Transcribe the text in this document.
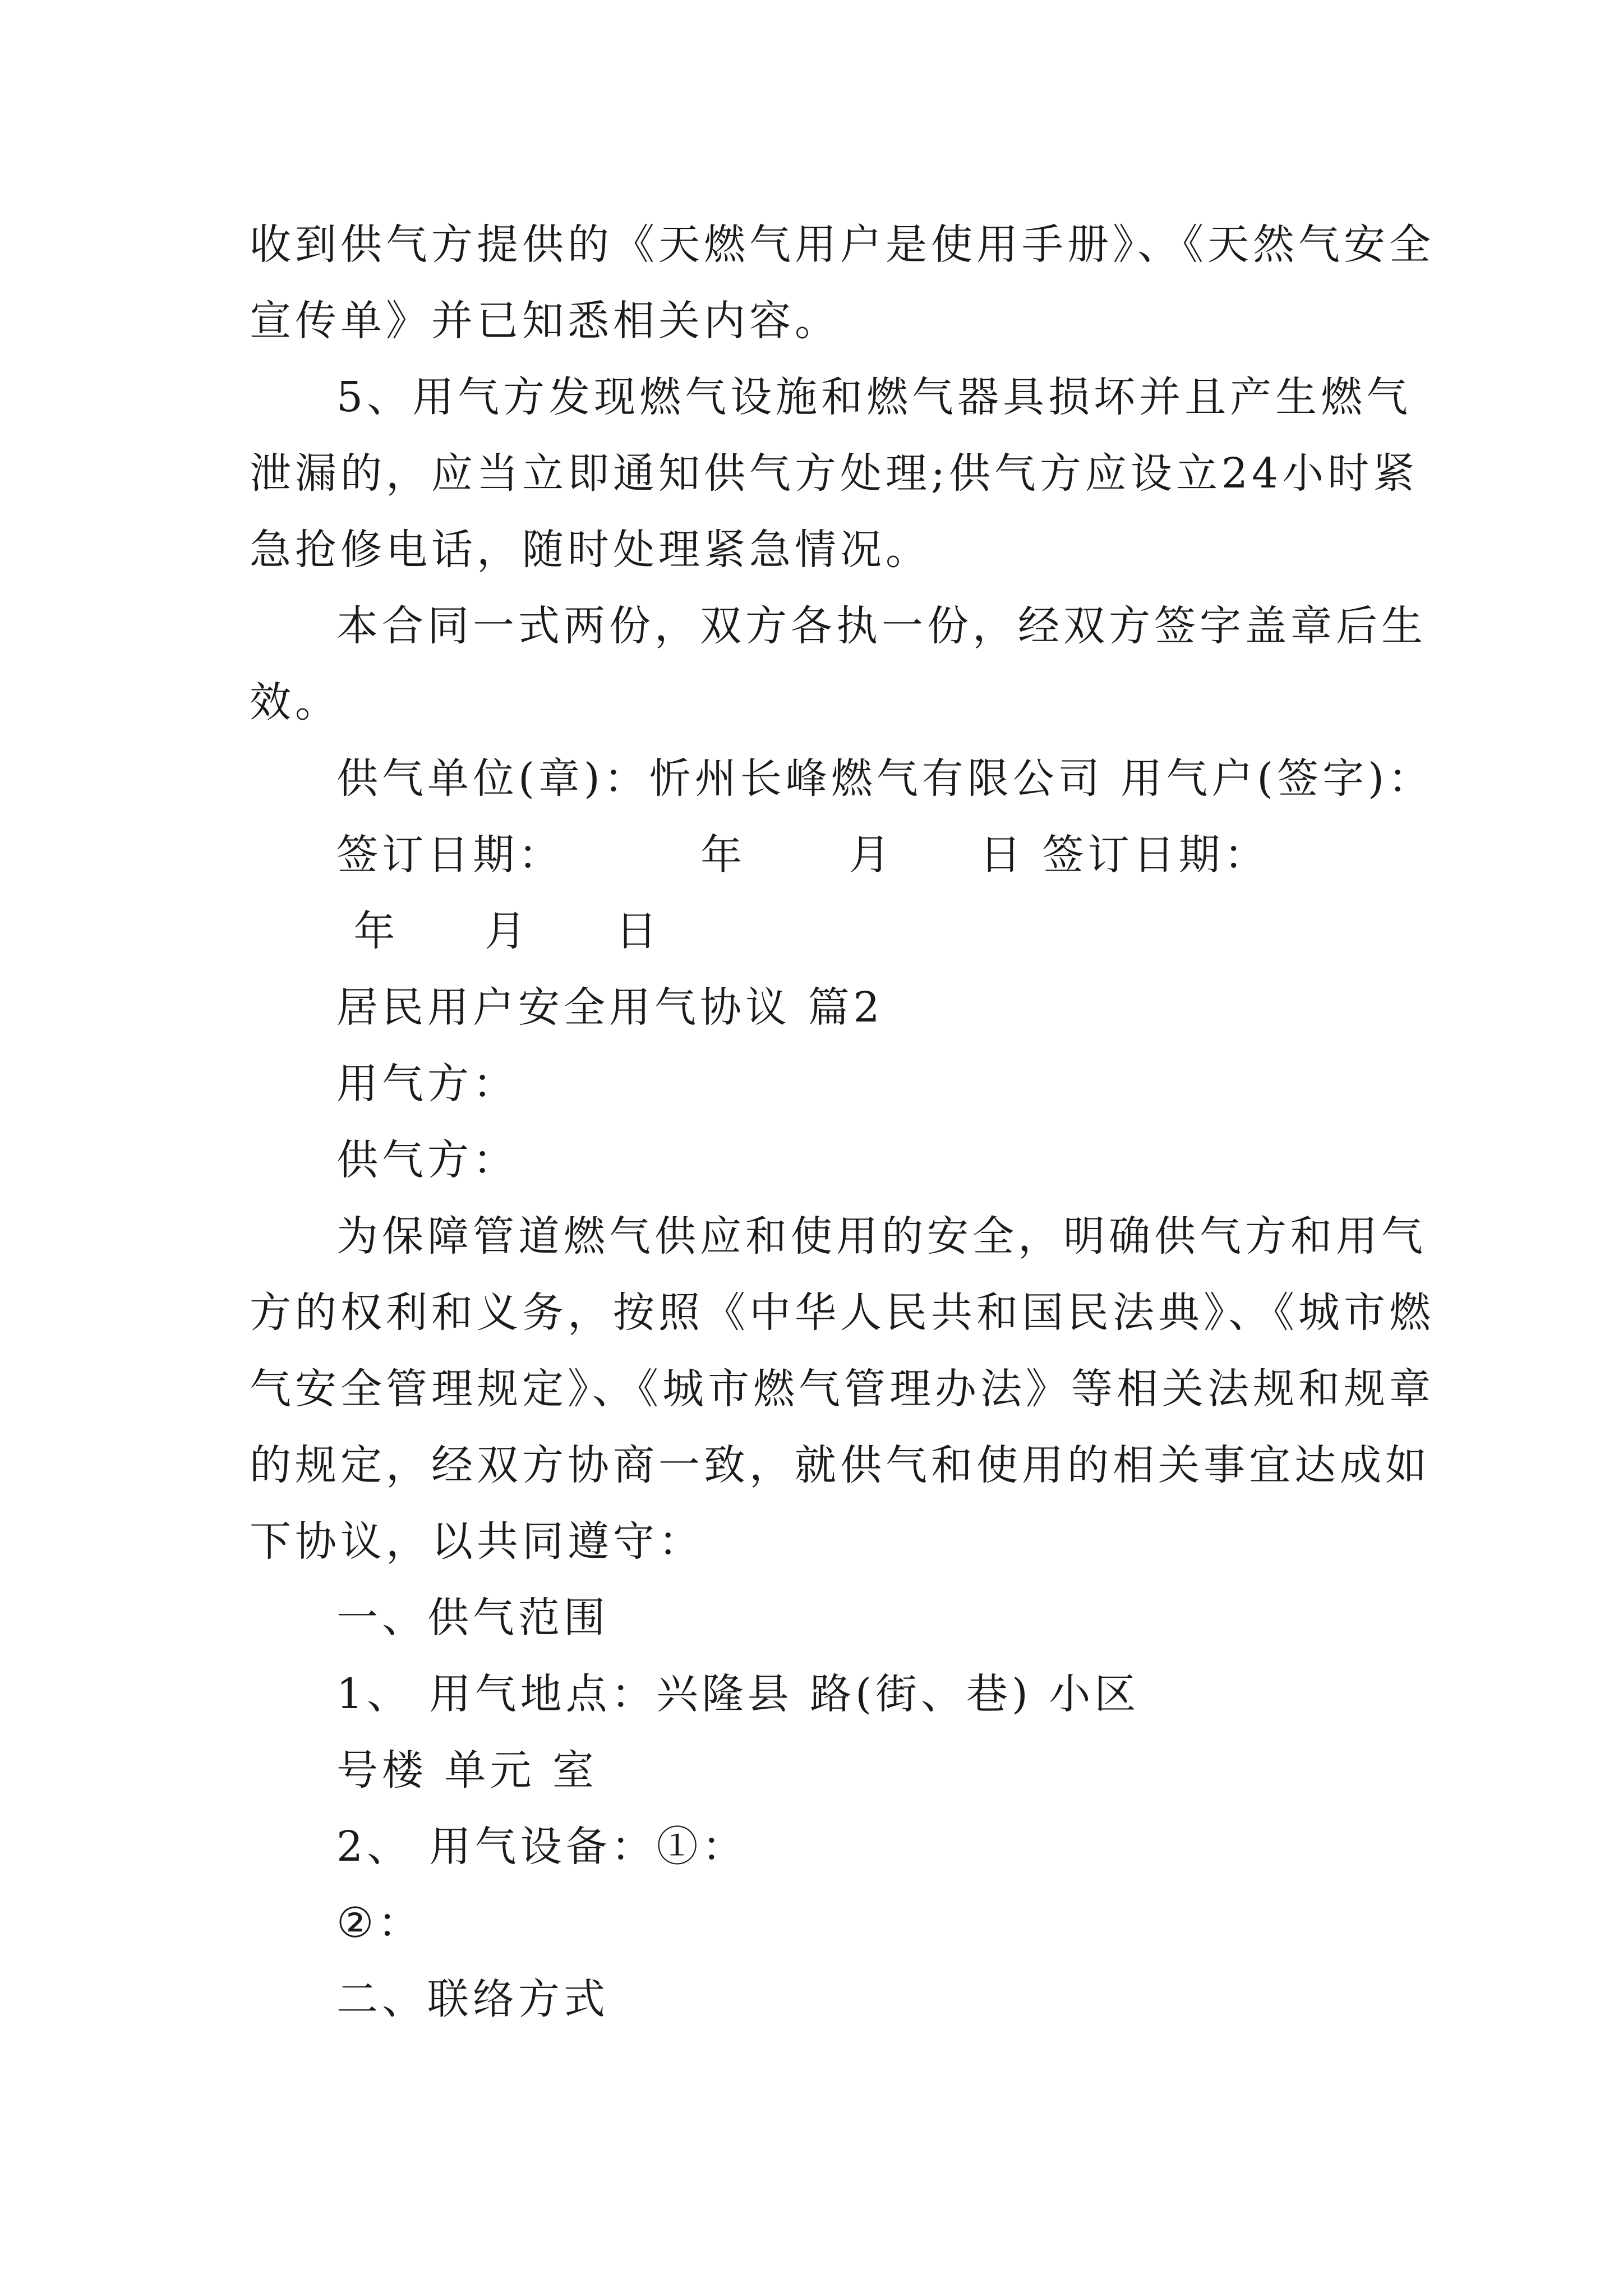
收到供气方提供的《天燃气用户是使用手册》、《天然气安全
宣传单》并已知悉相关内容。
5、用气方发现燃气设施和燃气器具损坏并且产生燃气
泄漏的，应当立即通知供气方处理;供气方应设立24小时紧
急抢修电话，随时处理紧急情况。
本合同一式两份，双方各执一份，经双方签字盖章后生
效。
供气单位(章)：忻州长峰燃气有限公司 用气户(签字)：
签订日期：        年      月     日 签订日期：
年     月     日
居民用户安全用气协议 篇2
用气方：
供气方：
为保障管道燃气供应和使用的安全，明确供气方和用气
方的权利和义务，按照《中华人民共和国民法典》、《城市燃
气安全管理规定》、《城市燃气管理办法》等相关法规和规章
的规定，经双方协商一致，就供气和使用的相关事宜达成如
下协议，以共同遵守：
一、供气范围
1、 用气地点：兴隆县 路(街、巷) 小区
号楼 单元 室
2、 用气设备：①：
②：
二、联络方式
